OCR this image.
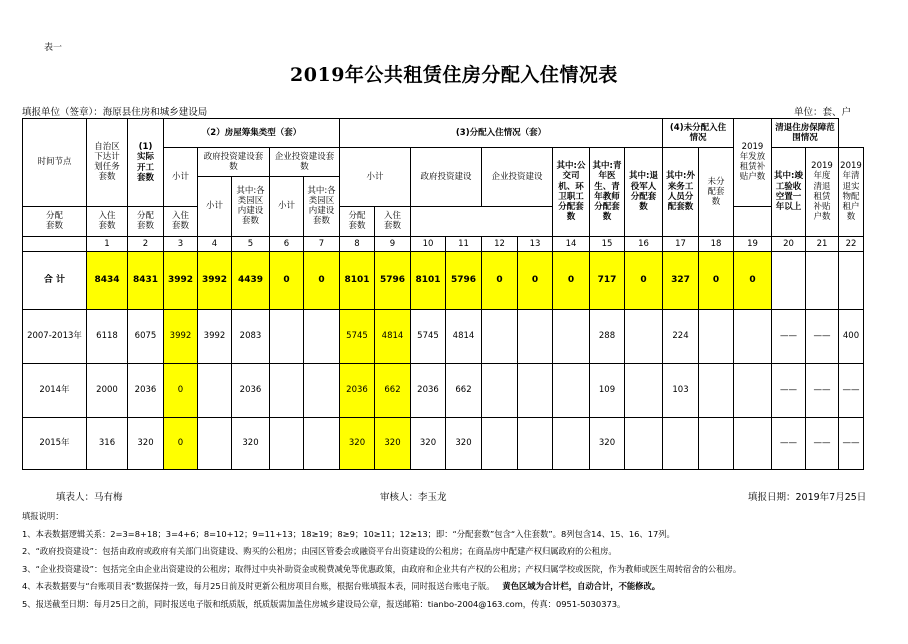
表一
2019年公共租赁住房分配入住情况表
填报单位（签章）：海原县住房和城乡建设局	单位：套、户
时间节点	自治区下达计划任务套数	(1)
实际开工套数	（2）房屋筹集类型（套）					(3)分配入住情况（套）									(4)未分配入住情况		2019年发放租赁补贴户数	清退住房保障范围情况		
			小计	政府投资建设套数		企业投资建设套数		小计		政府投资建设		企业投资建设		其中:公交司机、环卫职工分配套数	其中:青年医生、青年教师分配套数	其中:退役军人分配套数	其中:外来务工人员分配套数	未分配套数		其中:竣工验收空置一年以上	2019年度清退租赁补贴户数	2019年清退实物配租户数
				小计	其中:各类园区内建设套数	小计	其中:各类园区内建设套数															
分配套数	入住套数	分配套数	入住套数					分配套数	入住套数													
	1	2	3	4	5	6	7	8	9	10	11	12	13	14	15	16	17	18	19	20	21	22
合 计	8434	8431	3992	3992	4439	0	0	8101	5796	8101	5796	0	0	0	717	0	327	0	0			
2007-2013年	6118	6075	3992	3992	2083			5745	4814	5745	4814				288		224			——	——	400
2014年	2000	2036	0		2036			2036	662	2036	662				109		103			——	——	——
2015年	316	320	0		320			320	320	320	320				320					——	——	——
填表人：马有梅	审核人：李玉龙	填报日期：2019年7月25日
填报说明：
1、本表数据逻辑关系：2=3=8+18；3=4+6；8=10+12；9=11+13；18≥19；8≥9；10≥11；12≥13；即：“分配套数”包含“入住套数”。8列包含14、15、16、17列。
2、“政府投资建设”：包括由政府或政府有关部门出资建设、购买的公租房；由园区管委会或融资平台出资建设的公租房；在商品房中配建产权归属政府的公租房。
3、“企业投资建设”：包括完全由企业出资建设的公租房；取得过中央补助资金或税费减免等优惠政策，由政府和企业共有产权的公租房；产权归属学校或医院，作为教师或医生周转宿舍的公租房。
4、本表数据要与“台账项目表”数据保持一致，每月25日前及时更新公租房项目台账，根据台账填报本表，同时报送台账电子版。 黄色区域为合计栏，自动合计，不能修改。
5、报送截至日期：每月25日之前，同时报送电子版和纸质版，纸质版需加盖住房城乡建设局公章，报送邮箱：tianbo-2004@163.com，传真：0951-5030373。
